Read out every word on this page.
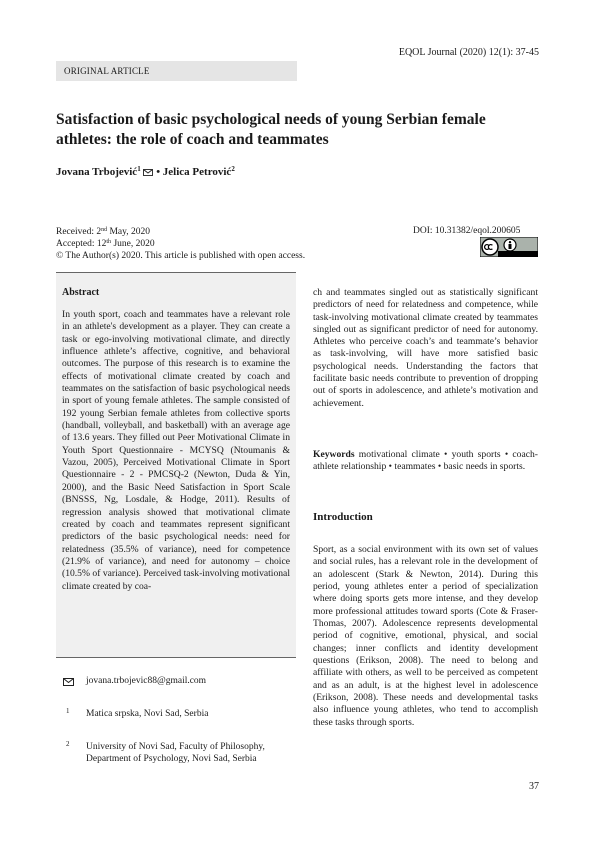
EQOL Journal (2020) 12(1): 37-45
ORIGINAL ARTICLE
Satisfaction of basic psychological needs of young Serbian female athletes: the role of coach and teammates
Jovana Trbojević$^1$  • Jelica Petrović$^2$
Received: 2nd May, 2020
Accepted: 12th June, 2020
© The Author(s) 2020. This article is published with open access.
DOI: 10.31382/eqol.200605
Abstract
In youth sport, coach and teammates have a relevant role in an athlete's development as a player. They can create a task or ego-involving motivational climate, and directly influence athlete’s affective, cognitive, and behavioral outcomes. The purpose of this research is to examine the effects of motivational climate created by coach and teammates on the satisfaction of basic psychological needs in sport of young female athletes. The sample consisted of 192 young Serbian female athletes from collective sports (handball, volleyball, and basketball) with an average age of 13.6 years. They filled out Peer Motivational Climate in Youth Sport Questionnaire - MCYSQ (Ntoumanis & Vazou, 2005), Perceived Motivational Climate in Sport Questionnaire - 2 - PMCSQ-2 (Newton, Duda & Yin, 2000), and the Basic Need Satisfaction in Sport Scale (BNSSS, Ng, Losdale, & Hodge, 2011). Results of regression analysis showed that motivational climate created by coach and teammates represent significant predictors of the basic psychological needs: need for relatedness (35.5% of variance), need for competence (21.9% of variance), and need for autonomy – choice (10.5% of variance). Perceived task-involving motivational climate created by coa-
ch and teammates singled out as statistically significant predictors of need for relatedness and competence, while task-involving motivational climate created by teammates singled out as significant predictor of need for autonomy. Athletes who perceive coach’s and teammate’s behavior as task-involving, will have more satisfied basic psychological needs. Understanding the factors that facilitate basic needs contribute to prevention of dropping out of sports in adolescence, and athlete’s motivation and achievement.
Keywords motivational climate • youth sports • coach-athlete relationship • teammates • basic needs in sports.
Introduction
Sport, as a social environment with its own set of values and social rules, has a relevant role in the development of an adolescent (Stark & Newton, 2014). During this period, young athletes enter a period of specialization where doing sports gets more intense, and they develop more professional attitudes toward sports (Cote & Fraser-Thomas, 2007). Adolescence represents developmental period of cognitive, emotional, physical, and social changes; inner conflicts and identity development questions (Erikson, 2008). The need to belong and affiliate with others, as well to be perceived as competent and as an adult, is at the highest level in adolescence (Erikson, 2008). These needs and developmental tasks also influence young athletes, who tend to accomplish these tasks through sports.
jovana.trbojevic88@gmail.com
1 Matica srpska, Novi Sad, Serbia
2 University of Novi Sad, Faculty of Philosophy, Department of Psychology, Novi Sad, Serbia
37
